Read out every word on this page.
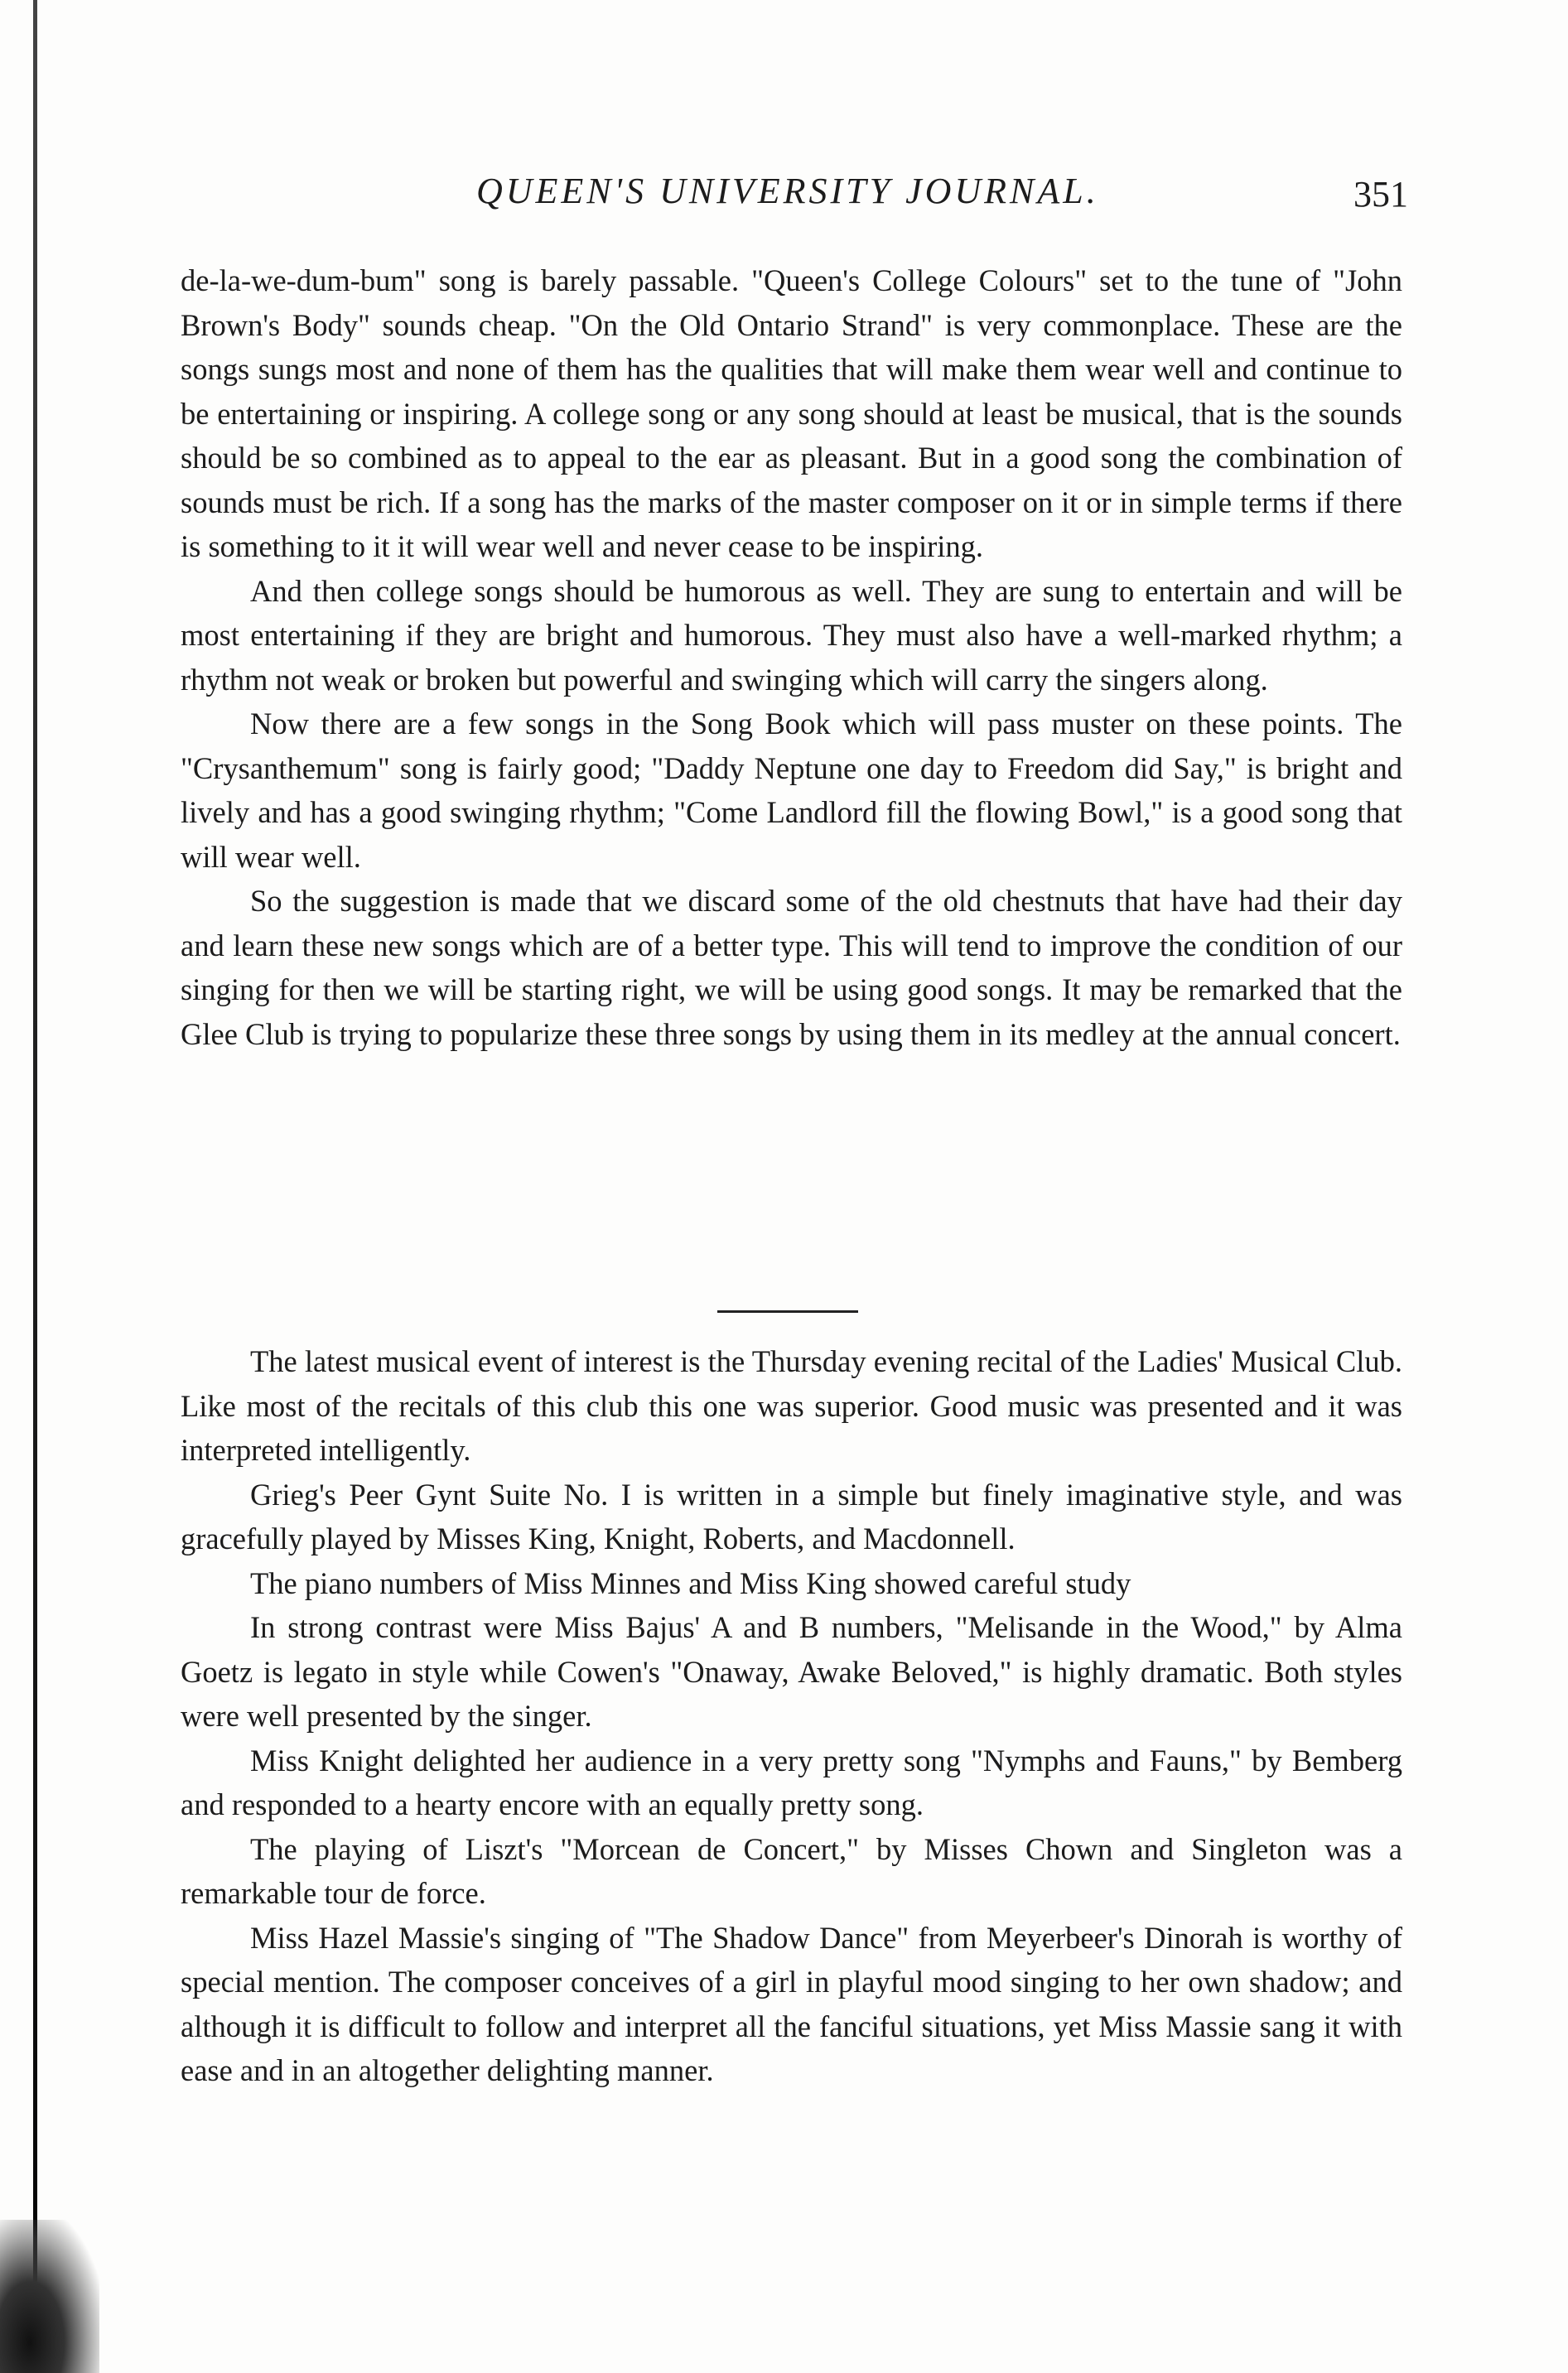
QUEEN'S UNIVERSITY JOURNAL.	351

de-la-we-dum-bum" song is barely passable. "Queen's College Colours" set to the tune of "John Brown's Body" sounds cheap. "On the Old Ontario Strand" is very commonplace. These are the songs sungs most and none of them has the qualities that will make them wear well and continue to be entertaining or inspiring. A college song or any song should at least be musical, that is the sounds should be so combined as to appeal to the ear as pleasant. But in a good song the combination of sounds must be rich. If a song has the marks of the master composer on it or in simple terms if there is something to it it will wear well and never cease to be inspiring.

And then college songs should be humorous as well. They are sung to entertain and will be most entertaining if they are bright and humorous. They must also have a well-marked rhythm; a rhythm not weak or broken but powerful and swinging which will carry the singers along.

Now there are a few songs in the Song Book which will pass muster on these points. The "Crysanthemum" song is fairly good; "Daddy Neptune one day to Freedom did Say," is bright and lively and has a good swinging rhythm; "Come Landlord fill the flowing Bowl," is a good song that will wear well.

So the suggestion is made that we discard some of the old chestnuts that have had their day and learn these new songs which are of a better type. This will tend to improve the condition of our singing for then we will be starting right, we will be using good songs. It may be remarked that the Glee Club is trying to popularize these three songs by using them in its medley at the annual concert.

The latest musical event of interest is the Thursday evening recital of the Ladies' Musical Club. Like most of the recitals of this club this one was superior. Good music was presented and it was interpreted intelligently.

Grieg's Peer Gynt Suite No. I is written in a simple but finely imaginative style, and was gracefully played by Misses King, Knight, Roberts, and Macdonnell.

The piano numbers of Miss Minnes and Miss King showed careful study

In strong contrast were Miss Bajus' A and B numbers, "Melisande in the Wood," by Alma Goetz is legato in style while Cowen's "Onaway, Awake Beloved," is highly dramatic. Both styles were well presented by the singer.

Miss Knight delighted her audience in a very pretty song "Nymphs and Fauns," by Bemberg and responded to a hearty encore with an equally pretty song.

The playing of Liszt's "Morcean de Concert," by Misses Chown and Singleton was a remarkable tour de force.

Miss Hazel Massie's singing of "The Shadow Dance" from Meyerbeer's Dinorah is worthy of special mention. The composer conceives of a girl in playful mood singing to her own shadow; and although it is difficult to follow and interpret all the fanciful situations, yet Miss Massie sang it with ease and in an altogether delighting manner.
